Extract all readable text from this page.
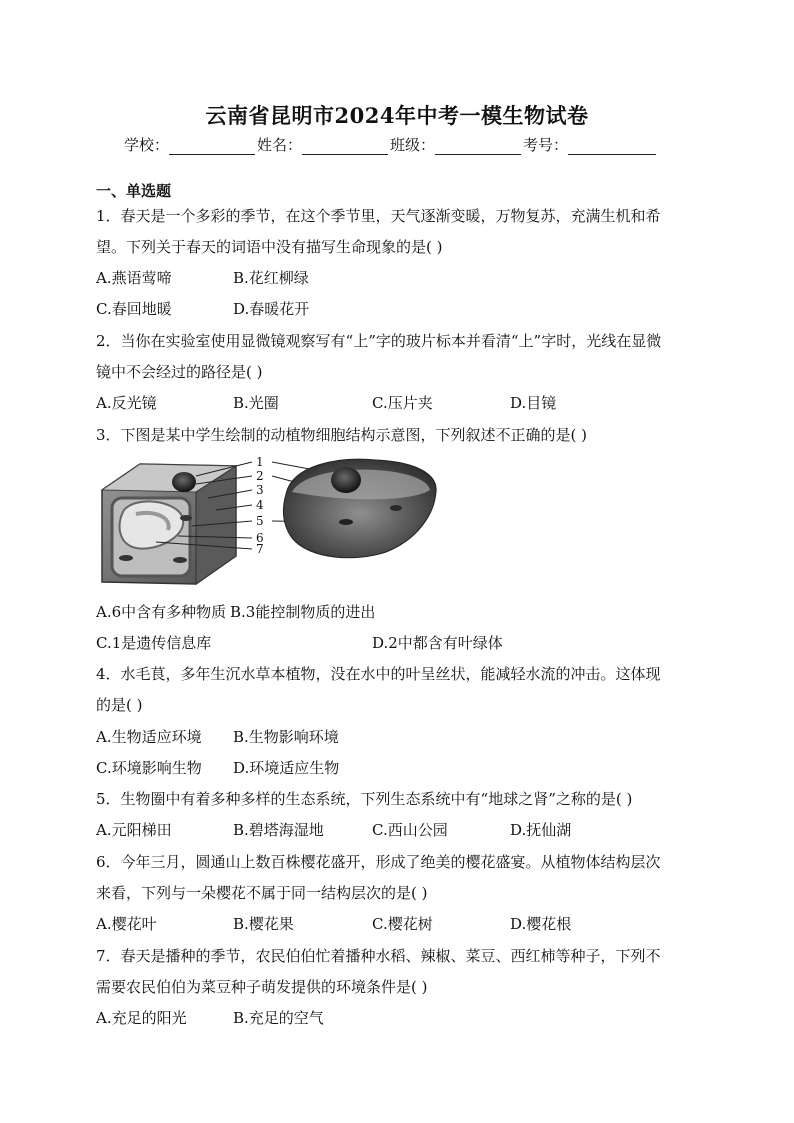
云南省昆明市2024年中考一模生物试卷
学校：	姓名：	班级：	考号：
一、单选题
1．春天是一个多彩的季节，在这个季节里，天气逐渐变暖，万物复苏，充满生机和希
望。下列关于春天的词语中没有描写生命现象的是( )
A.燕语莺啼	B.花红柳绿
C.春回地暖	D.春暖花开
2．当你在实验室使用显微镜观察写有“上”字的玻片标本并看清“上”字时，光线在显微
镜中不会经过的路径是( )
A.反光镜	B.光圈	C.压片夹	D.目镜
3．下图是某中学生绘制的动植物细胞结构示意图，下列叙述不正确的是( )
1
2
3
4
5
6
7
A.6中含有多种物质 B.3能控制物质的进出
C.1是遗传信息库	D.2中都含有叶绿体
4．水毛茛，多年生沉水草本植物，没在水中的叶呈丝状，能减轻水流的冲击。这体现
的是( )
A.生物适应环境 B.生物影响环境
C.环境影响生物 D.环境适应生物
5．生物圈中有着多种多样的生态系统，下列生态系统中有“地球之肾”之称的是( )
A.元阳梯田	B.碧塔海湿地	C.西山公园	D.抚仙湖
6．今年三月，圆通山上数百株樱花盛开，形成了绝美的樱花盛宴。从植物体结构层次
来看，下列与一朵樱花不属于同一结构层次的是( )
A.樱花叶	B.樱花果	C.樱花树	D.樱花根
7．春天是播种的季节，农民伯伯忙着播种水稻、辣椒、菜豆、西红柿等种子，下列不
需要农民伯伯为菜豆种子萌发提供的环境条件是( )
A.充足的阳光	B.充足的空气
